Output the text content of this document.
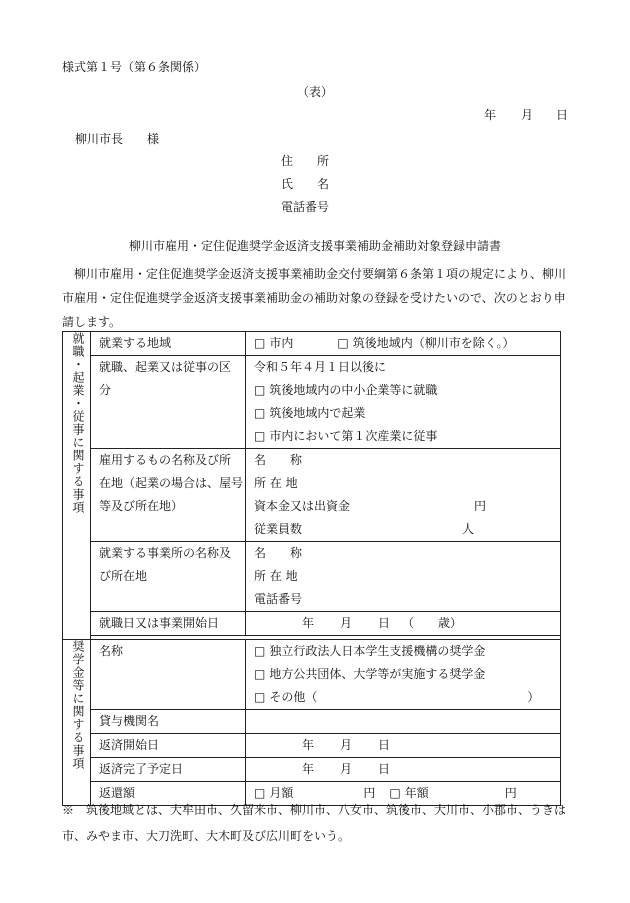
様式第１号（第６条関係）
（表）
年 月 日
柳川市長　　様
住　　所
氏　　名
電話番号
柳川市雇用・定住促進奨学金返済支援事業補助金補助対象登録申請書
柳川市雇用・定住促進奨学金返済支援事業補助金交付要綱第６条第１項の規定により、柳川市雇用・定住促進奨学金返済支援事業補助金の補助対象の登録を受けたいので、次のとおり申請します。
就職・起業・従事に関する事項	就業する地域	□ 市内 □ 筑後地域内（柳川市を除く。）

	就職、起業又は従事の区分	令和５年４月１日以後に
□ 筑後地域内の中小企業等に就職
□ 筑後地域内で起業
□ 市内において第１次産業に従事

	雇用するもの名称及び所
在地（起業の場合は、屋号
等及び所在地）	名　　称
所 在 地
資本金又は出資金 円
従業員数 人

	就業する事業所の名称及
び所在地	名　　称
所 在 地
電話番号

	就職日又は事業開始日	年 月 日 （　　歳）

奨学金等に関する事項	名称	□ 独立行政法人日本学生支援機構の奨学金
□ 地方公共団体、大学等が実施する奨学金
□ その他（ ）

	貸与機関名	
	返済開始日	年 月 日

	返済完了予定日	年 月 日

	返還額	□ 月額 円 □ 年額 円
※　筑後地域とは、大牟田市、久留米市、柳川市、八女市、筑後市、大川市、小郡市、うきは市、みやま市、大刀洗町、大木町及び広川町をいう。
